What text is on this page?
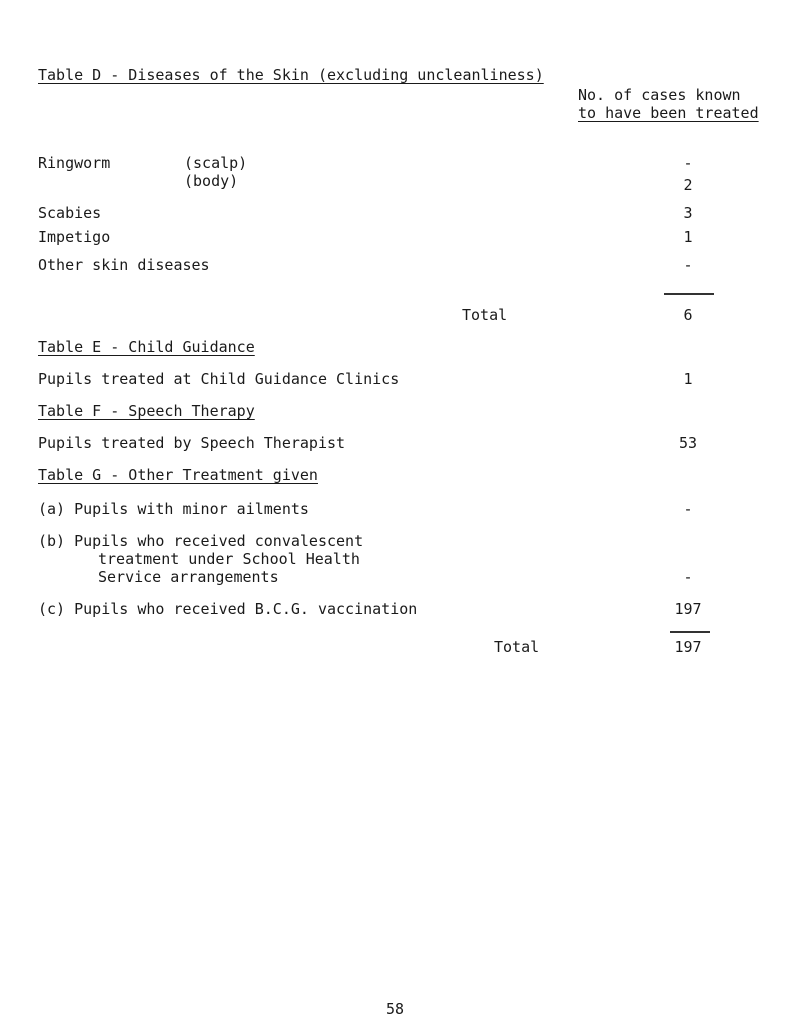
Table D - Diseases of the Skin (excluding uncleanliness)
No. of cases known
to have been treated
Ringworm	(scalp)	-
(body)	2
Scabies	3
Impetigo	1
Other skin diseases	-
Total	6
Table E - Child Guidance
Pupils treated at Child Guidance Clinics	1
Table F - Speech Therapy
Pupils treated by Speech Therapist	53
Table G - Other Treatment given
(a) Pupils with minor ailments	-
(b) Pupils who received convalescent
treatment under School Health
Service arrangements	-
(c) Pupils who received B.C.G. vaccination	197
Total	197
58
